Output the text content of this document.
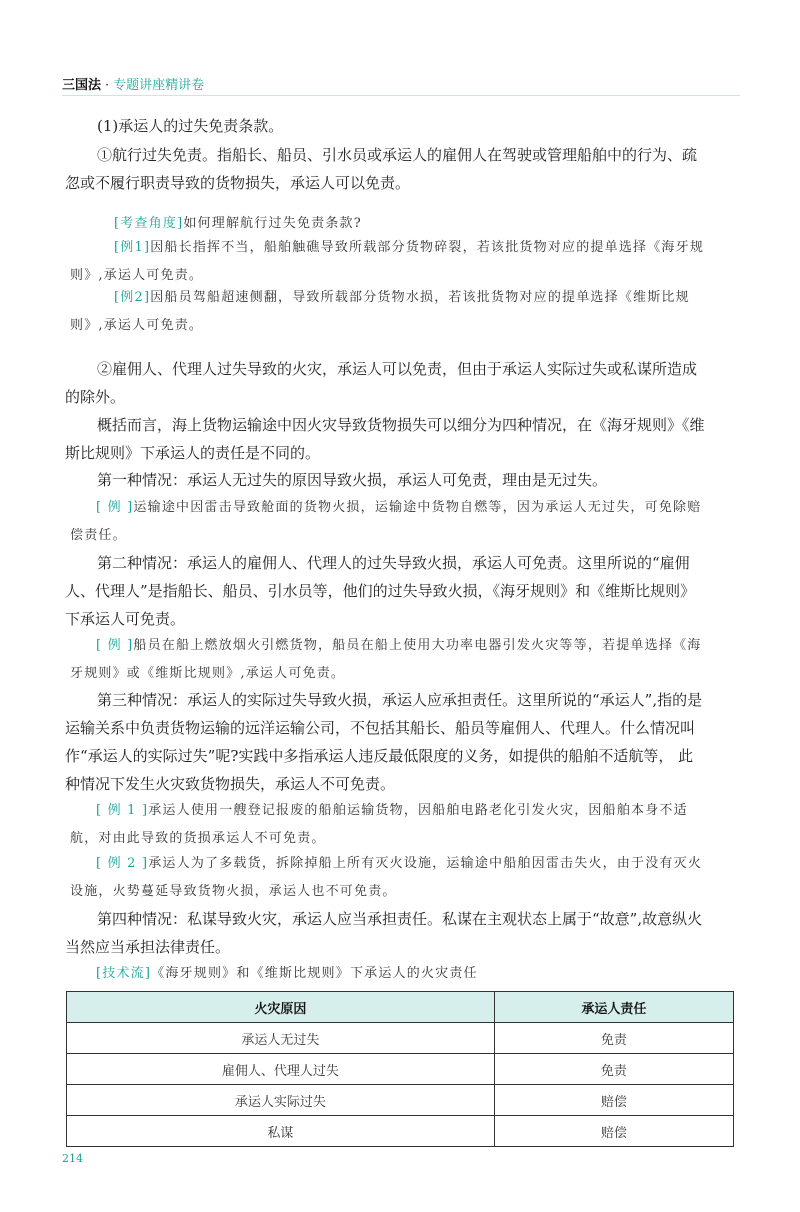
三国法 · 专题讲座精讲卷

(1)承运人的过失免责条款。

①航行过失免责。指船长、船员、引水员或承运人的雇佣人在驾驶或管理船舶中的行为、疏忽或不履行职责导致的货物损失，承运人可以免责。

[考查角度]如何理解航行过失免责条款?

[例1]因船长指挥不当，船舶触礁导致所载部分货物碎裂，若该批货物对应的提单选择《海牙规则》,承运人可免责。

[例2]因船员驾船超速侧翻，导致所载部分货物水损，若该批货物对应的提单选择《维斯比规则》,承运人可免责。

②雇佣人、代理人过失导致的火灾，承运人可以免责，但由于承运人实际过失或私谋所造成的除外。

概括而言，海上货物运输途中因火灾导致货物损失可以细分为四种情况，在《海牙规则》《维斯比规则》下承运人的责任是不同的。

第一种情况：承运人无过失的原因导致火损，承运人可免责，理由是无过失。

[ 例 ]运输途中因雷击导致舱面的货物火损，运输途中货物自燃等，因为承运人无过失，可免除赔偿责任。

第二种情况：承运人的雇佣人、代理人的过失导致火损，承运人可免责。这里所说的“雇佣人、代理人”是指船长、船员、引水员等，他们的过失导致火损，《海牙规则》和《维斯比规则》下承运人可免责。

[ 例 ]船员在船上燃放烟火引燃货物，船员在船上使用大功率电器引发火灾等等，若提单选择《海牙规则》或《维斯比规则》,承运人可免责。

第三种情况：承运人的实际过失导致火损，承运人应承担责任。这里所说的“承运人”,指的是运输关系中负责货物运输的远洋运输公司，不包括其船长、船员等雇佣人、代理人。什么情况叫作“承运人的实际过失”呢?实践中多指承运人违反最低限度的义务，如提供的船舶不适航等， 此种情况下发生火灾致货物损失，承运人不可免责。

[ 例 1 ]承运人使用一艘登记报废的船舶运输货物，因船舶电路老化引发火灾，因船舶本身不适航，对由此导致的货损承运人不可免责。

[ 例 2 ]承运人为了多载货，拆除掉船上所有灭火设施，运输途中船舶因雷击失火，由于没有灭火设施，火势蔓延导致货物火损，承运人也不可免责。

第四种情况：私谋导致火灾，承运人应当承担责任。私谋在主观状态上属于“故意”,故意纵火当然应当承担法律责任。

[技术流]《海牙规则》和《维斯比规则》下承运人的火灾责任

火灾原因	承运人责任
承运人无过失	免责
雇佣人、代理人过失	免责
承运人实际过失	赔偿
私谋	赔偿
214
